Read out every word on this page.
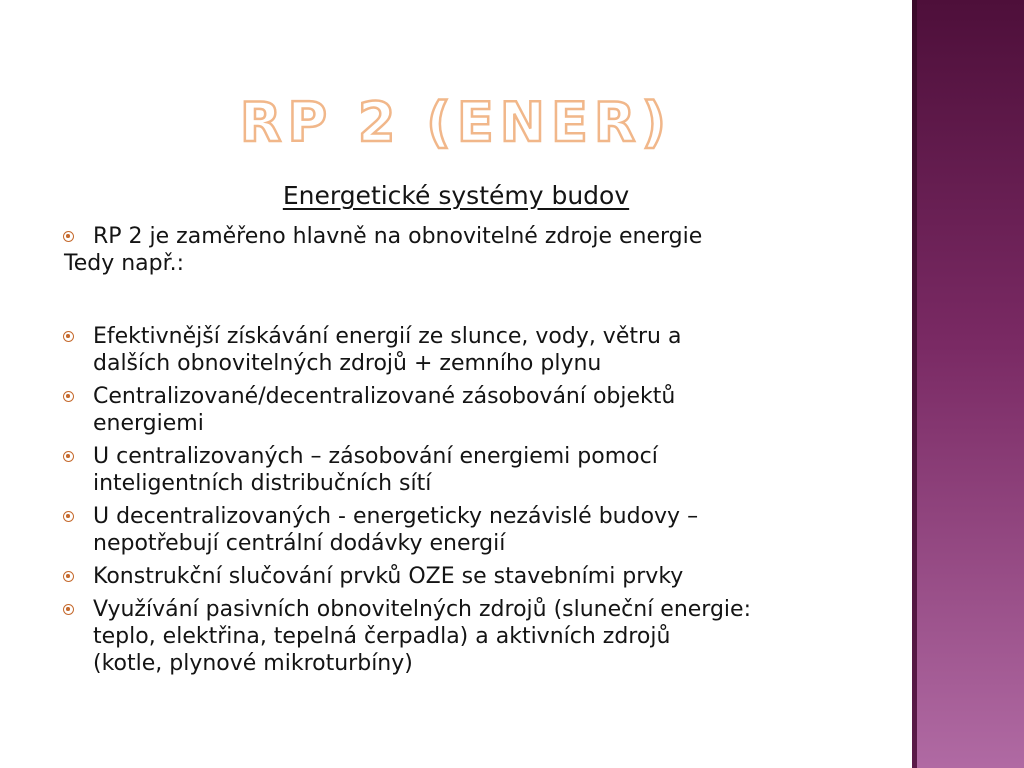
RP 2 (ENER)
Energetické systémy budov
RP 2 je zaměřeno hlavně na obnovitelné zdroje energie
Tedy např.:
Efektivnější získávání energií ze slunce, vody, větru a
dalších obnovitelných zdrojů + zemního plynu
Centralizované/decentralizované zásobování objektů
energiemi
U centralizovaných – zásobování energiemi pomocí
inteligentních distribučních sítí
U decentralizovaných - energeticky nezávislé budovy –
nepotřebují centrální dodávky energií
Konstrukční slučování prvků OZE se stavebními prvky
Využívání pasivních obnovitelných zdrojů (sluneční energie:
teplo, elektřina, tepelná čerpadla) a aktivních zdrojů
(kotle, plynové mikroturbíny)
